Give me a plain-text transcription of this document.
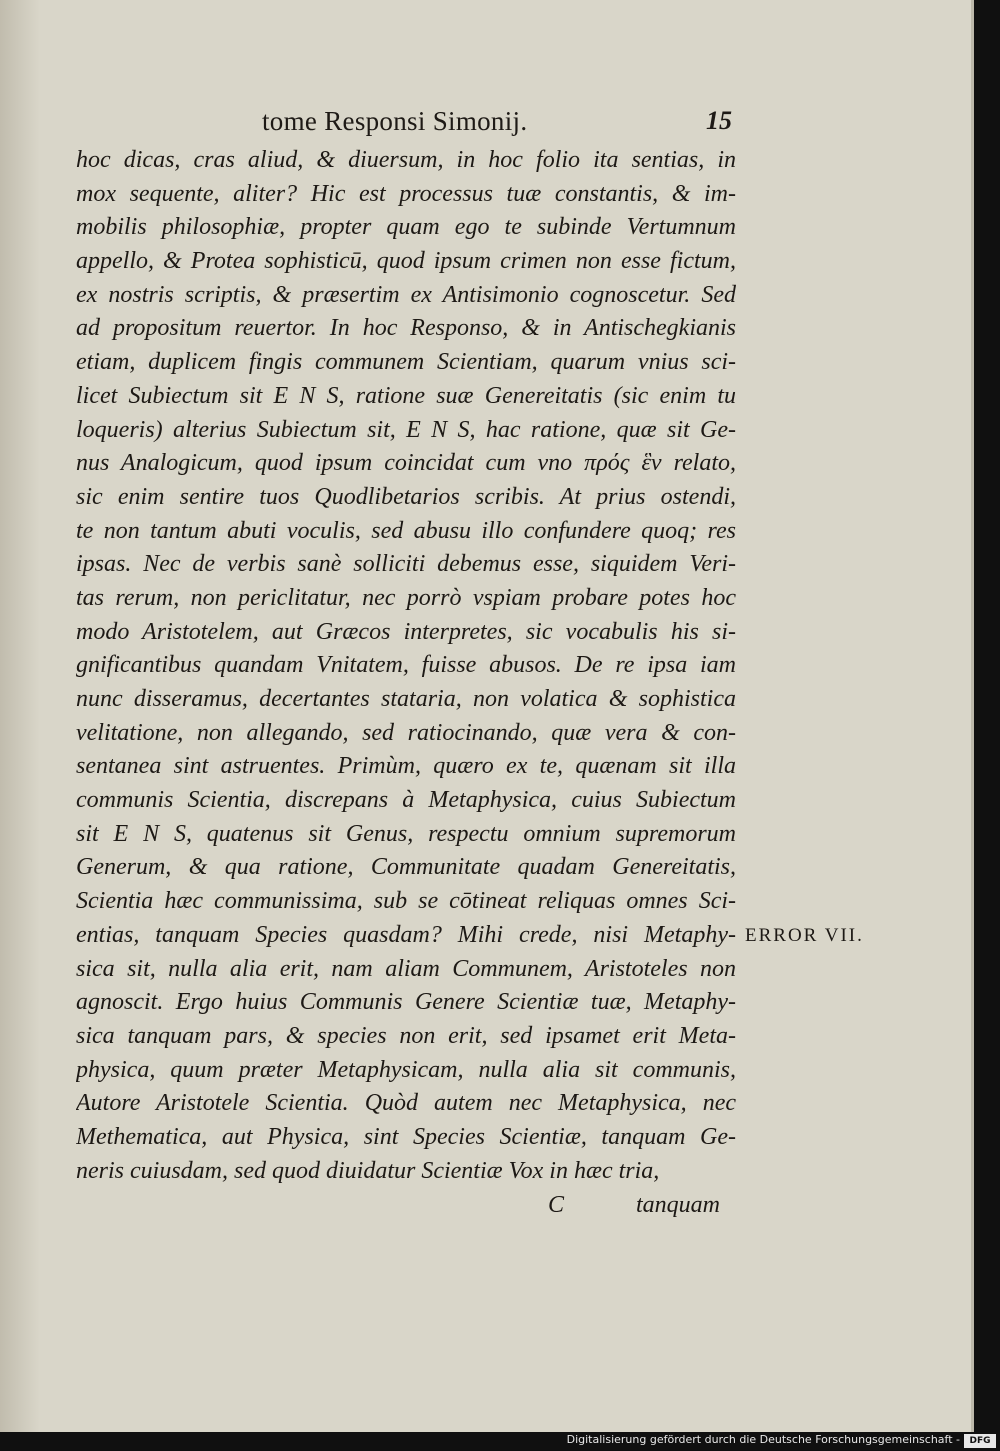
tome Responsi Simonij.	15
hoc dicas, cras aliud, & diuersum, in hoc folio ita sentias, in
mox sequente, aliter? Hic est processus tuæ constantis, & im-
mobilis philosophiæ, propter quam ego te subinde Vertumnum
appello, & Protea sophisticū, quod ipsum crimen non esse fictum,
ex nostris scriptis, & præsertim ex Antisimonio cognoscetur. Sed
ad propositum reuertor. In hoc Responso, & in Antischegkianis
etiam, duplicem fingis communem Scientiam, quarum vnius sci-
licet Subiectum sit E N S, ratione suæ Genereitatis (sic enim tu
loqueris) alterius Subiectum sit, E N S, hac ratione, quæ sit Ge-
nus Analogicum, quod ipsum coincidat cum vno πρός ἓν relato,
sic enim sentire tuos Quodlibetarios scribis. At prius ostendi,
te non tantum abuti voculis, sed abusu illo confundere quoq; res
ipsas. Nec de verbis sanè solliciti debemus esse, siquidem Veri-
tas rerum, non periclitatur, nec porrò vspiam probare potes hoc
modo Aristotelem, aut Græcos interpretes, sic vocabulis his si-
gnificantibus quandam Vnitatem, fuisse abusos. De re ipsa iam
nunc disseramus, decertantes statariа, non volatica & sophistica
velitatione, non allegando, sed ratiocinando, quæ vera & con-
sentanea sint astruentes. Primùm, quæro ex te, quænam sit illa
communis Scientia, discrepans à Metaphysica, cuius Subiectum
sit E N S, quatenus sit Genus, respectu omnium supremorum
Generum, & qua ratione, Communitate quadam Genereitatis,
Scientia hæc communissima, sub se cōtineat reliquas omnes Sci-
entias, tanquam Species quasdam? Mihi crede, nisi Metaphy-
sica sit, nulla alia erit, nam aliam Communem, Aristoteles non
agnoscit. Ergo huius Communis Genere Scientiæ tuæ, Metaphy-
sica tanquam pars, & species non erit, sed ipsamet erit Meta-
physica, quum præter Metaphysicam, nulla alia sit communis,
Autore Aristotele Scientia. Quòd autem nec Metaphysica, nec
Methematica, aut Physica, sint Species Scientiæ, tanquam Ge-
neris cuiusdam, sed quod diuidatur Scientiæ Vox in hæc tria,
ERROR VII.
C	tanquam
Digitalisierung gefördert durch die Deutsche Forschungsgemeinschaft -	DFG
